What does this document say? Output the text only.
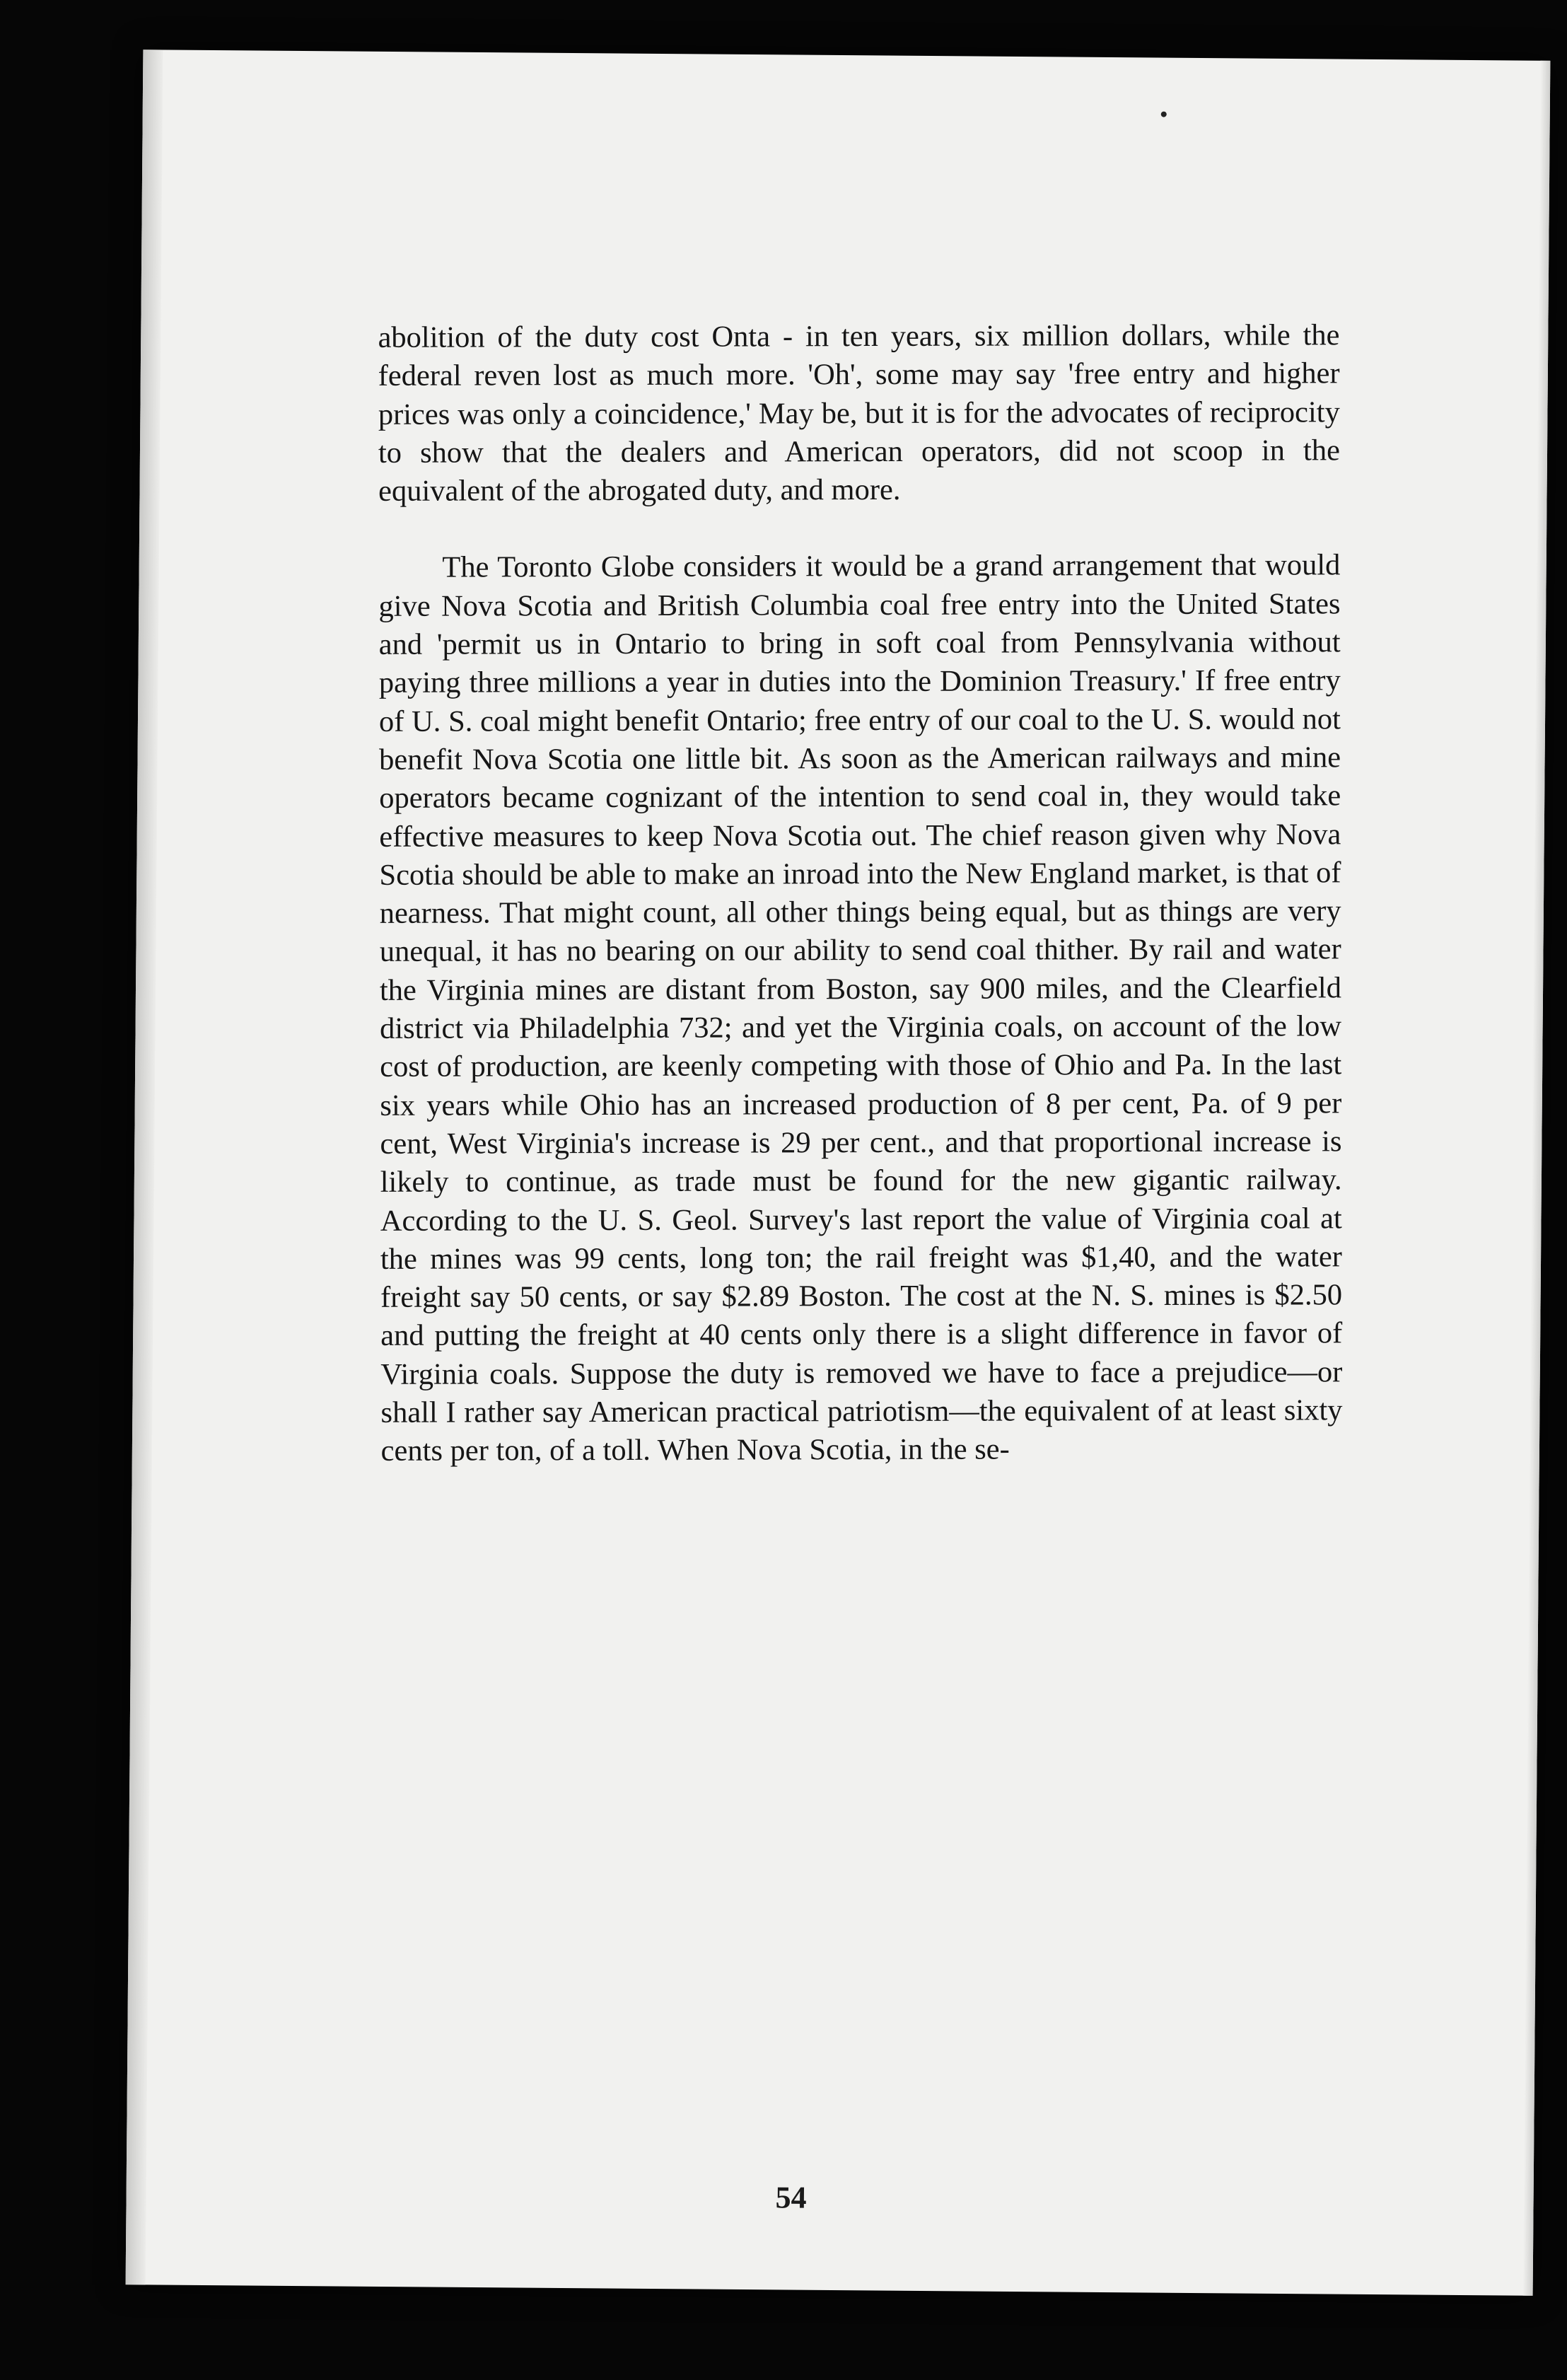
abolition of the duty cost Onta - in ten years, six million dollars, while the federal reven lost as much more. 'Oh', some may say 'free entry and higher prices was only a coincidence,' May be, but it is for the advocates of reciprocity to show that the dealers and American operators, did not scoop in the equivalent of the abrogated duty, and more.

The Toronto Globe considers it would be a grand arrangement that would give Nova Scotia and British Columbia coal free entry into the United States and 'permit us in Ontario to bring in soft coal from Pennsylvania without paying three millions a year in duties into the Dominion Treasury.' If free entry of U. S. coal might benefit Ontario; free entry of our coal to the U. S. would not benefit Nova Scotia one little bit. As soon as the American railways and mine operators became cognizant of the intention to send coal in, they would take effective measures to keep Nova Scotia out. The chief reason given why Nova Scotia should be able to make an inroad into the New England market, is that of nearness. That might count, all other things being equal, but as things are very unequal, it has no bearing on our ability to send coal thither. By rail and water the Virginia mines are distant from Boston, say 900 miles, and the Clearfield district via Philadelphia 732; and yet the Virginia coals, on account of the low cost of production, are keenly competing with those of Ohio and Pa. In the last six years while Ohio has an increased production of 8 per cent, Pa. of 9 per cent, West Virginia's increase is 29 per cent., and that proportional increase is likely to continue, as trade must be found for the new gigantic railway. According to the U. S. Geol. Survey's last report the value of Virginia coal at the mines was 99 cents, long ton; the rail freight was $1,40, and the water freight say 50 cents, or say $2.89 Boston. The cost at the N. S. mines is $2.50 and putting the freight at 40 cents only there is a slight difference in favor of Virginia coals. Suppose the duty is removed we have to face a prejudice—or shall I rather say American practical patriotism—the equivalent of at least sixty cents per ton, of a toll. When Nova Scotia, in the se-

54
